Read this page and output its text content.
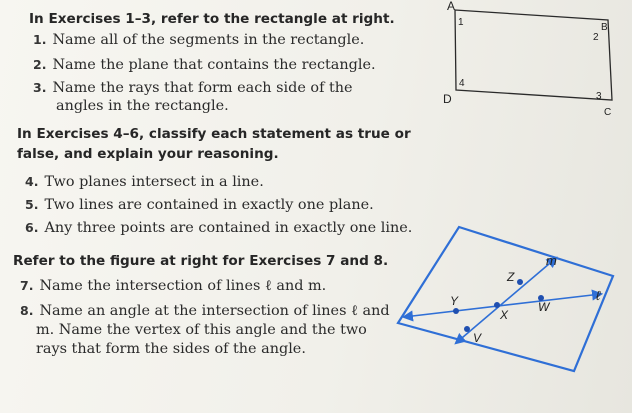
In Exercises 1–3, refer to the rectangle at right.
1. Name all of the segments in the rectangle.
2. Name the plane that contains the rectangle.
3. Name the rays that form each side of the
angles in the rectangle.
In Exercises 4–6, classify each statement as true or
false, and explain your reasoning.
4. Two planes intersect in a line.
5. Two lines are contained in exactly one plane.
6. Any three points are contained in exactly one line.
Refer to the figure at right for Exercises 7 and 8.
7. Name the intersection of lines ℓ and m.
8. Name an angle at the intersection of lines ℓ and
m. Name the vertex of this angle and the two
rays that form the sides of the angle.
A
B
C
D
1
2
3
4
Z
Y
X
W
V
m
ℓ
